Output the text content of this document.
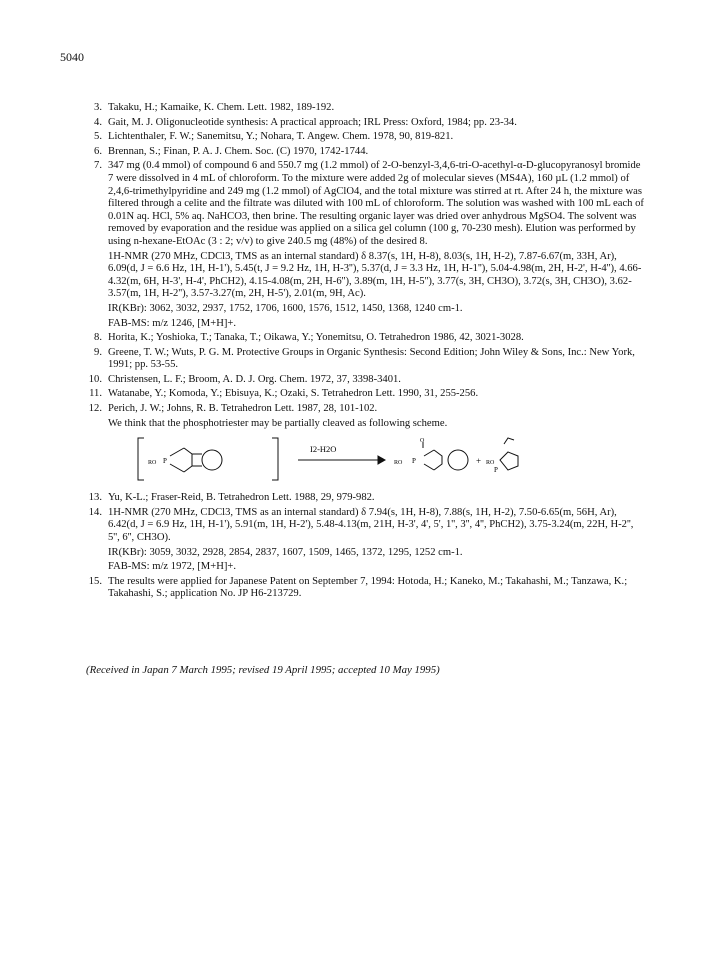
5040
3. Takaku, H.; Kamaike, K. Chem. Lett. 1982, 189-192.

4. Gait, M. J. Oligonucleotide synthesis: A practical approach; IRL Press: Oxford, 1984; pp. 23-34.

5. Lichtenthaler, F. W.; Sanemitsu, Y.; Nohara, T. Angew. Chem. 1978, 90, 819-821.

6. Brennan, S.; Finan, P. A. J. Chem. Soc. (C) 1970, 1742-1744.

7. 347 mg (0.4 mmol) of compound 6 and 550.7 mg (1.2 mmol) of 2-O-benzyl-3,4,6-tri-O-acethyl-α-D-glucopyranosyl bromide 7 were dissolved in 4 mL of chloroform. To the mixture were added 2g of molecular sieves (MS4A), 160 µL (1.2 mmol) of 2,4,6-trimethylpyridine and 249 mg (1.2 mmol) of AgClO4, and the total mixture was stirred at rt. After 24 h, the mixture was filtered through a celite and the filtrate was diluted with 100 mL of chloroform. The solution was washed with 100 mL each of 0.01N aq. HCl, 5% aq. NaHCO3, then brine. The resulting organic layer was dried over anhydrous MgSO4. The solvent was removed by evaporation and the residue was applied on a silica gel column (100 g, 70-230 mesh). Elution was performed by using n-hexane-EtOAc (3 : 2; v/v) to give 240.5 mg (48%) of the desired 8.

1H-NMR (270 MHz, CDCl3, TMS as an internal standard) δ 8.37(s, 1H, H-8), 8.03(s, 1H, H-2), 7.87-6.67(m, 33H, Ar), 6.09(d, J = 6.6 Hz, 1H, H-1'), 5.45(t, J = 9.2 Hz, 1H, H-3''), 5.37(d, J = 3.3 Hz, 1H, H-1''), 5.04-4.98(m, 2H, H-2', H-4''), 4.66-4.32(m, 6H, H-3', H-4', PhCH2), 4.15-4.08(m, 2H, H-6''), 3.89(m, 1H, H-5''), 3.77(s, 3H, CH3O), 3.72(s, 3H, CH3O), 3.62-3.57(m, 1H, H-2''), 3.57-3.27(m, 2H, H-5'), 2.01(m, 9H, Ac).

IR(KBr): 3062, 3032, 2937, 1752, 1706, 1600, 1576, 1512, 1450, 1368, 1240 cm-1.

FAB-MS: m/z 1246, [M+H]+.

8. Horita, K.; Yoshioka, T.; Tanaka, T.; Oikawa, Y.; Yonemitsu, O. Tetrahedron 1986, 42, 3021-3028.

9. Greene, T. W.; Wuts, P. G. M. Protective Groups in Organic Synthesis: Second Edition; John Wiley & Sons, Inc.: New York, 1991; pp. 53-55.

10. Christensen, L. F.; Broom, A. D. J. Org. Chem. 1972, 37, 3398-3401.

11. Watanabe, Y.; Komoda, Y.; Ebisuya, K.; Ozaki, S. Tetrahedron Lett. 1990, 31, 255-256.

12. Perich, J. W.; Johns, R. B. Tetrahedron Lett. 1987, 28, 101-102.

We think that the phosphotriester may be partially cleaved as following scheme.

RO P
I2-H2O
RO P
O
+ RO
P
13. Yu, K-L.; Fraser-Reid, B. Tetrahedron Lett. 1988, 29, 979-982.

14. 1H-NMR (270 MHz, CDCl3, TMS as an internal standard) δ 7.94(s, 1H, H-8), 7.88(s, 1H, H-2), 7.50-6.65(m, 56H, Ar), 6.42(d, J = 6.9 Hz, 1H, H-1'), 5.91(m, 1H, H-2'), 5.48-4.13(m, 21H, H-3', 4', 5', 1'', 3'', 4'', PhCH2), 3.75-3.24(m, 22H, H-2'', 5'', 6'', CH3O).

IR(KBr): 3059, 3032, 2928, 2854, 2837, 1607, 1509, 1465, 1372, 1295, 1252 cm-1.

FAB-MS: m/z 1972, [M+H]+.

15. The results were applied for Japanese Patent on September 7, 1994: Hotoda, H.; Kaneko, M.; Takahashi, M.; Tanzawa, K.; Takahashi, S.; application No. JP H6-213729.

(Received in Japan 7 March 1995; revised 19 April 1995; accepted 10 May 1995)
